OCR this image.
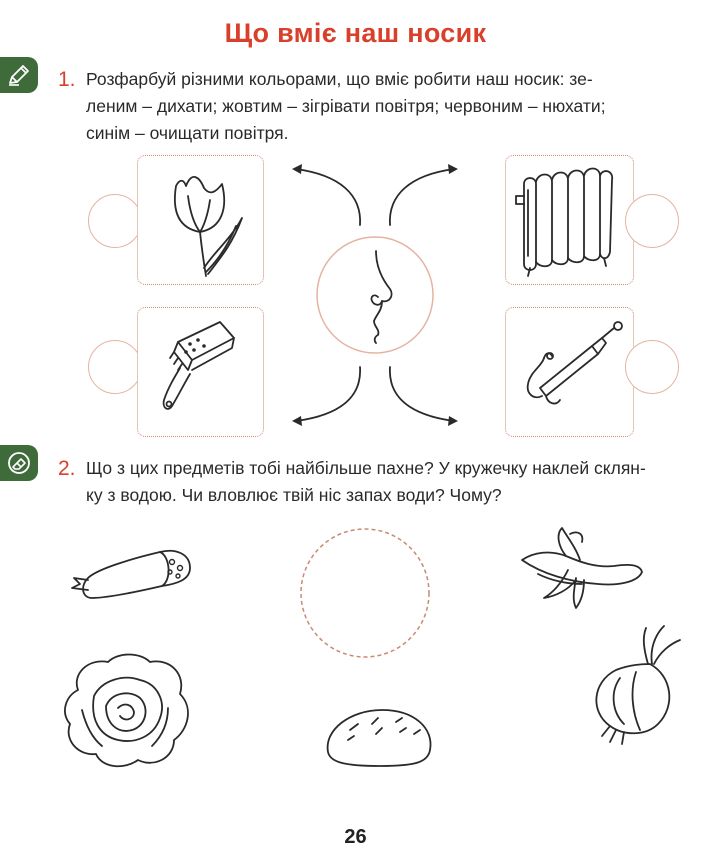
Що вміє наш носик
1. Розфарбуй різними кольорами, що вміє робити наш носик: зе-
леним – дихати; жовтим – зігрівати повітря; червоним – нюхати;
синім – очищати повітря.
2. Що з цих предметів тобі найбільше пахне? У кружечку наклей склян-
ку з водою. Чи вловлює твій ніс запах води? Чому?
26
